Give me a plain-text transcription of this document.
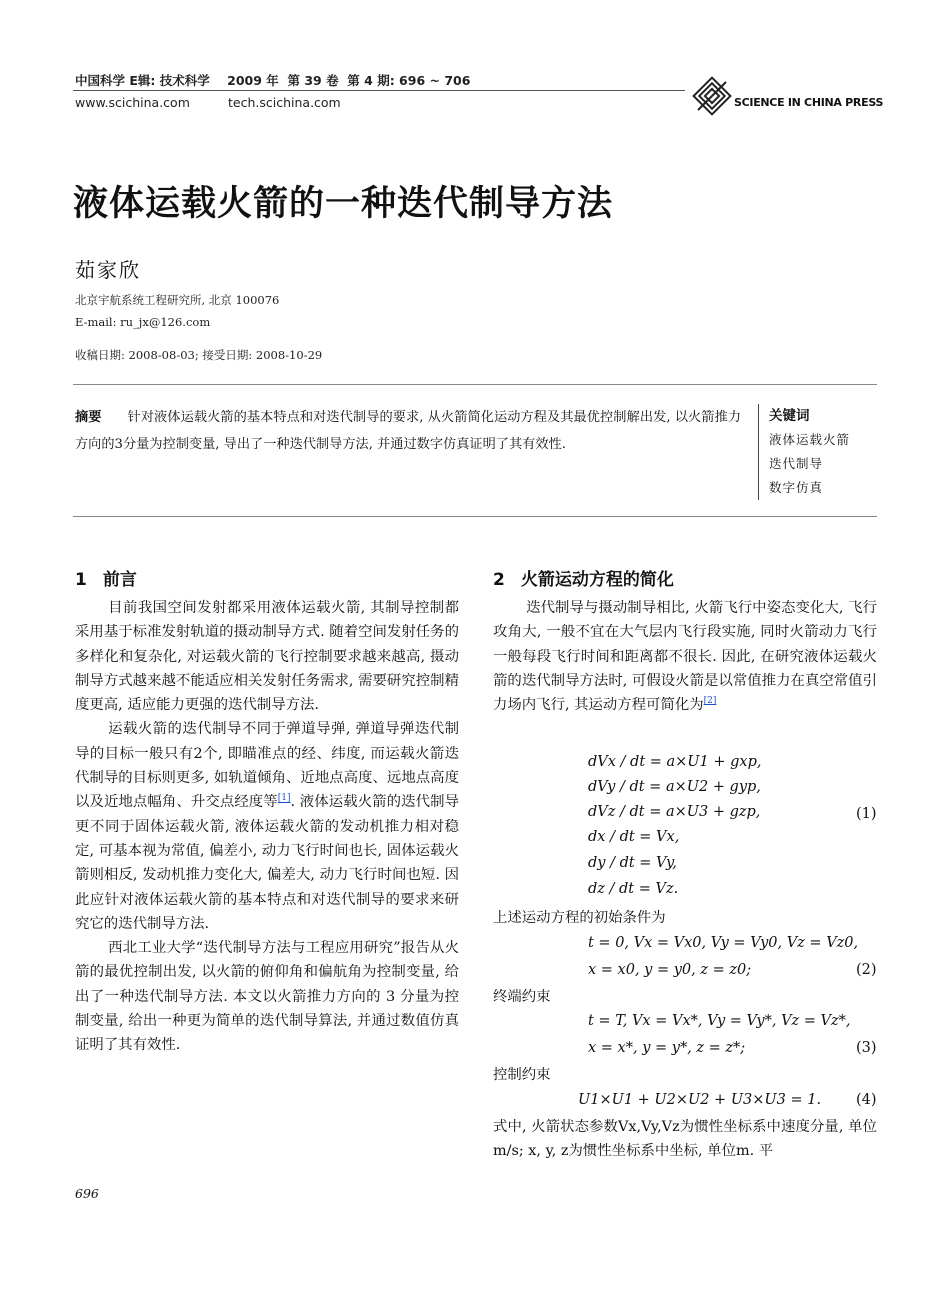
中国科学 E辑: 技术科学    2009 年  第 39 卷  第 4 期: 696 ~ 706
www.scichina.com	tech.scichina.com	SCIENCE IN CHINA PRESS
液体运载火箭的一种迭代制导方法
茹家欣
北京宇航系统工程研究所, 北京 100076
E-mail: ru_jx@126.com
收稿日期: 2008-08-03; 接受日期: 2008-10-29
摘要 针对液体运载火箭的基本特点和对迭代制导的要求, 从火箭简化运动方程及其最优控制解出发, 以火箭推力方向的3分量为控制变量, 导出了一种迭代制导方法, 并通过数字仿真证明了其有效性.
关键词
液体运载火箭
迭代制导
数字仿真
1 前言

目前我国空间发射都采用液体运载火箭, 其制导控制都采用基于标准发射轨道的摄动制导方式. 随着空间发射任务的多样化和复杂化, 对运载火箭的飞行控制要求越来越高, 摄动制导方式越来越不能适应相关发射任务需求, 需要研究控制精度更高, 适应能力更强的迭代制导方法.

运载火箭的迭代制导不同于弹道导弹, 弹道导弹迭代制导的目标一般只有2个, 即瞄准点的经、纬度, 而运载火箭迭代制导的目标则更多, 如轨道倾角、近地点高度、远地点高度以及近地点幅角、升交点经度等[1]. 液体运载火箭的迭代制导更不同于固体运载火箭, 液体运载火箭的发动机推力相对稳定, 可基本视为常值, 偏差小, 动力飞行时间也长, 固体运载火箭则相反, 发动机推力变化大, 偏差大, 动力飞行时间也短. 因此应针对液体运载火箭的基本特点和对迭代制导的要求来研究它的迭代制导方法.

西北工业大学“迭代制导方法与工程应用研究”报告从火箭的最优控制出发, 以火箭的俯仰角和偏航角为控制变量, 给出了一种迭代制导方法. 本文以火箭推力方向的 3 分量为控制变量, 给出一种更为简单的迭代制导算法, 并通过数值仿真证明了其有效性.

2 火箭运动方程的简化

迭代制导与摄动制导相比, 火箭飞行中姿态变化大, 飞行攻角大, 一般不宜在大气层内飞行段实施, 同时火箭动力飞行一般每段飞行时间和距离都不很长. 因此, 在研究液体运载火箭的迭代制导方法时, 可假设火箭是以常值推力在真空常值引力场内飞行, 其运动方程可简化为[2]

dVx / dt = a×U1 + gxp,
dVy / dt = a×U2 + gyp,
dVz / dt = a×U3 + gzp,
dx / dt = Vx,
dy / dt = Vy,
dz / dt = Vz.
(1)
上述运动方程的初始条件为
t = 0, Vx = Vx0, Vy = Vy0, Vz = Vz0,
x = x0, y = y0, z = z0;	(2)
终端约束
t = T, Vx = Vx*, Vy = Vy*, Vz = Vz*,
x = x*, y = y*, z = z*;	(3)
控制约束
U1×U1 + U2×U2 + U3×U3 = 1. (4)
式中, 火箭状态参数Vx,Vy,Vz为惯性坐标系中速度分量, 单位m/s; x, y, z为惯性坐标系中坐标, 单位m. 平
696
